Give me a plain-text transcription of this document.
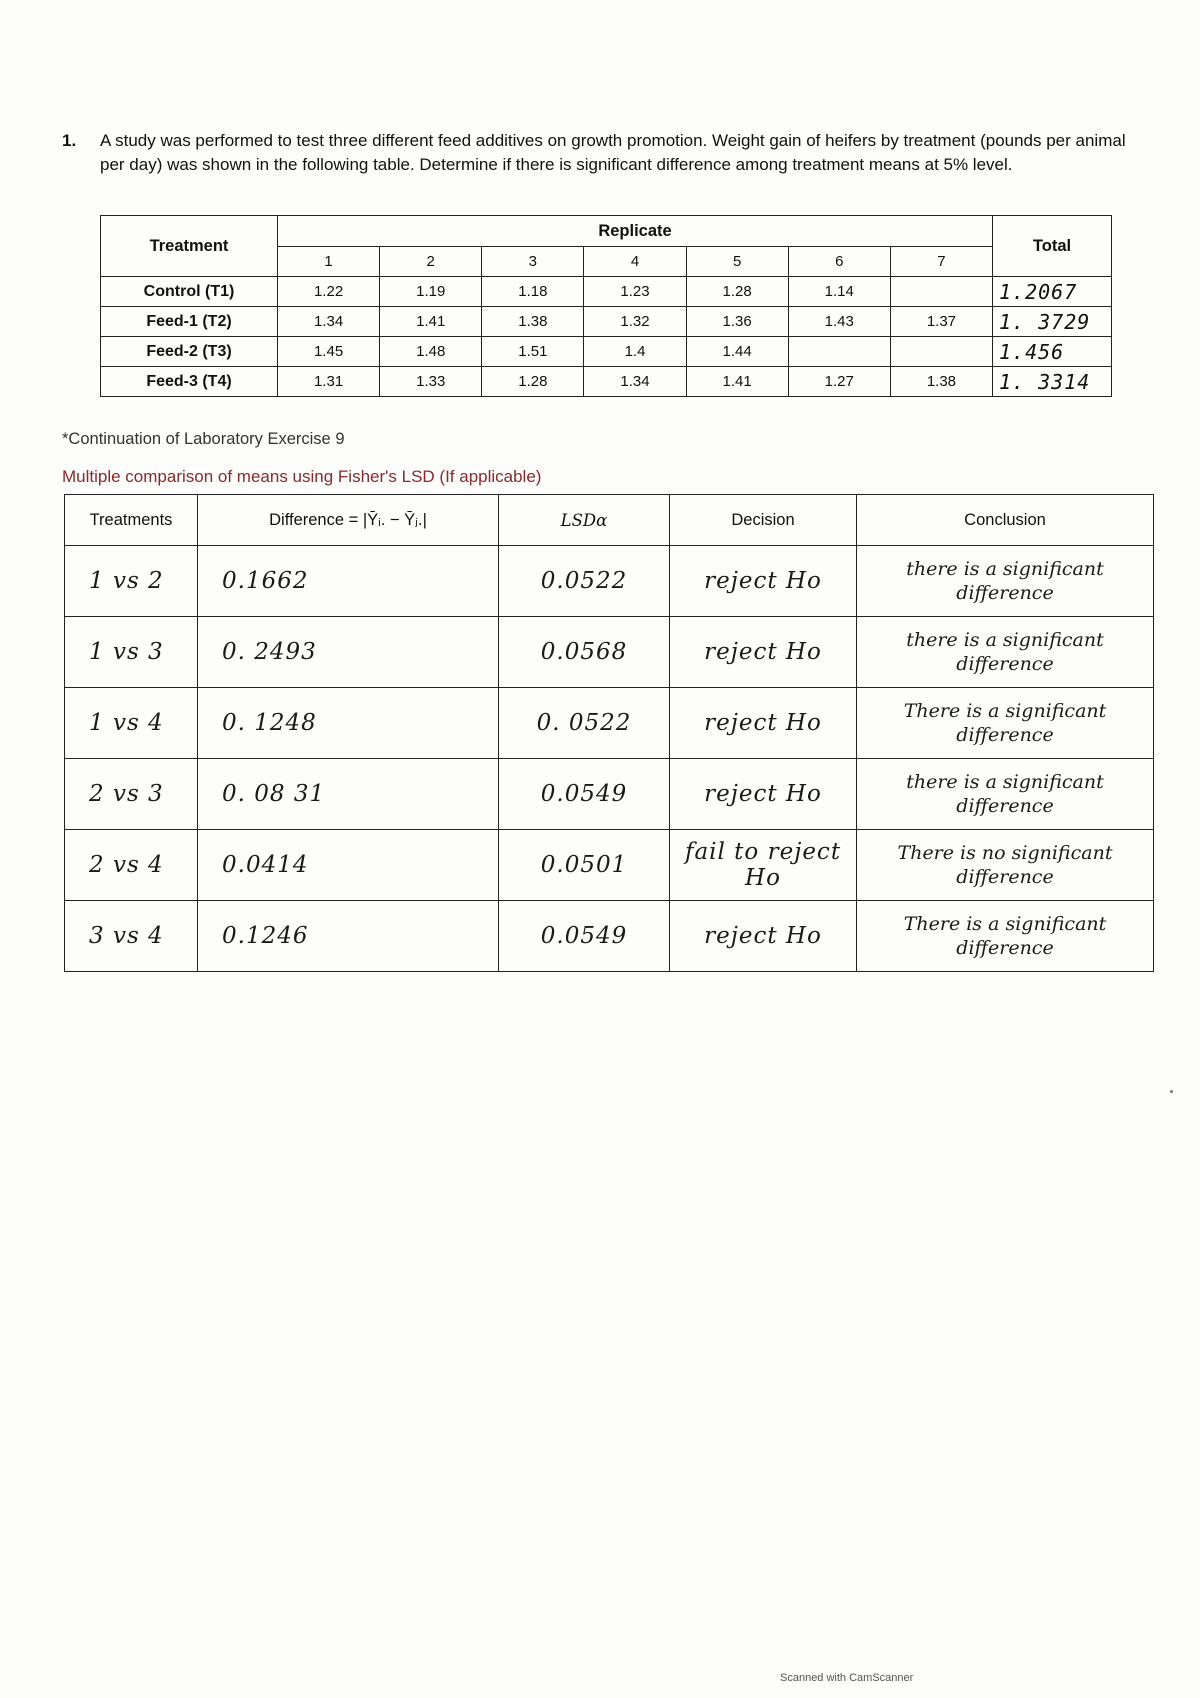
1.	A study was performed to test three different feed additives on growth promotion. Weight gain of heifers by treatment (pounds per animal per day) was shown in the following table. Determine if there is significant difference among treatment means at 5% level.
Treatment	Replicate							Total
	1	2	3	4	5	6	7	
Control (T1)	1.22	1.19	1.18	1.23	1.28	1.14		1.2067
Feed-1 (T2)	1.34	1.41	1.38	1.32	1.36	1.43	1.37	1. 3729
Feed-2 (T3)	1.45	1.48	1.51	1.4	1.44			1.456
Feed-3 (T4)	1.31	1.33	1.28	1.34	1.41	1.27	1.38	1. 3314
*Continuation of Laboratory Exercise 9
Multiple comparison of means using Fisher's LSD (If applicable)
Treatments	Difference = |Ȳᵢ. − Ȳⱼ.|	LSDα	Decision	Conclusion
1 vs 2	0.1662	0.0522	reject Ho	there is a significant difference
1 vs 3	0. 2493	0.0568	reject Ho	there is a significant difference
1 vs 4	0. 1248	0. 0522	reject Ho	There is a significant difference
2 vs 3	0. 08 31	0.0549	reject Ho	there is a significant difference
2 vs 4	0.0414	0.0501	fail to reject Ho	There is no significant difference
3 vs 4	0.1246	0.0549	reject Ho	There is a significant difference
Scanned with CamScanner
